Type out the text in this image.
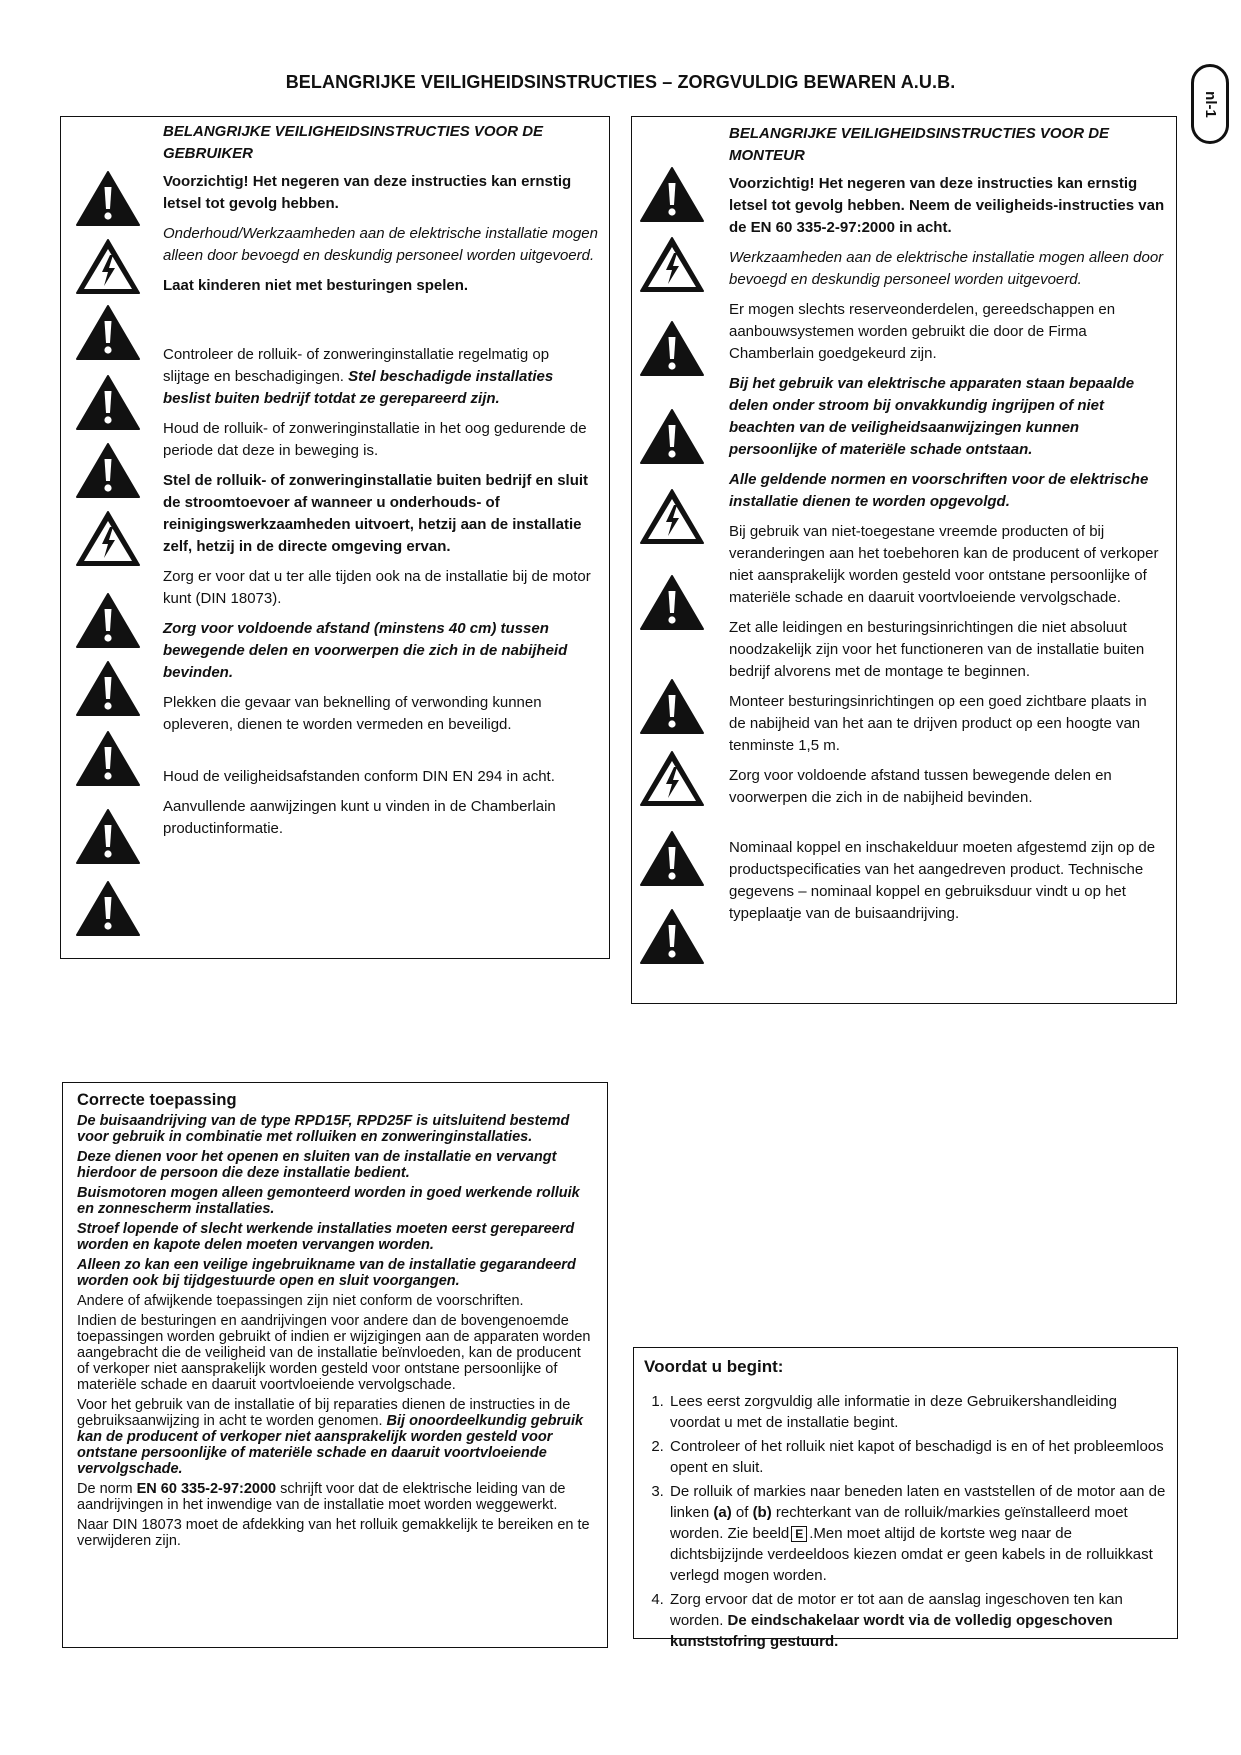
BELANGRIJKE VEILIGHEIDSINSTRUCTIES – ZORGVULDIG BEWAREN A.U.B.
nl-1

BELANGRIJKE VEILIGHEIDSINSTRUCTIES VOOR DE GEBRUIKER

Voorzichtig! Het negeren van deze instructies kan ernstig letsel tot gevolg hebben.

Onderhoud/Werkzaamheden aan de elektrische installatie mogen alleen door bevoegd en deskundig personeel worden uitgevoerd.

Laat kinderen niet met besturingen spelen.

Controleer de rolluik- of zonweringinstallatie regelmatig op slijtage en beschadigingen. Stel beschadigde installaties beslist buiten bedrijf totdat ze gerepareerd zijn.

Houd de rolluik- of zonweringinstallatie in het oog gedurende de periode dat deze in beweging is.

Stel de rolluik- of zonweringinstallatie buiten bedrijf en sluit de stroomtoevoer af wanneer u onderhouds- of reinigingswerkzaamheden uitvoert, hetzij aan de installatie zelf, hetzij in de directe omgeving ervan.

Zorg er voor dat u ter alle tijden ook na de installatie bij de motor kunt (DIN 18073).

Zorg voor voldoende afstand (minstens 40 cm) tussen bewegende delen en voorwerpen die zich in de nabijheid bevinden.

Plekken die gevaar van beknelling of verwonding kunnen opleveren, dienen te worden vermeden en beveiligd.

Houd de veiligheidsafstanden conform DIN EN 294 in acht.

Aanvullende aanwijzingen kunt u vinden in de Chamberlain productinformatie.

BELANGRIJKE VEILIGHEIDSINSTRUCTIES VOOR DE MONTEUR

Voorzichtig! Het negeren van deze instructies kan ernstig letsel tot gevolg hebben. Neem de veiligheids-instructies van de EN 60 335-2-97:2000 in acht.

Werkzaamheden aan de elektrische installatie mogen alleen door bevoegd en deskundig personeel worden uitgevoerd.

Er mogen slechts reserveonderdelen, gereedschappen en aanbouwsystemen worden gebruikt die door de Firma Chamberlain goedgekeurd zijn.

Bij het gebruik van elektrische apparaten staan bepaalde delen onder stroom bij onvakkundig ingrijpen of niet beachten van de veiligheidsaanwijzingen kunnen persoonlijke of materiële schade ontstaan.

Alle geldende normen en voorschriften voor de elektrische installatie dienen te worden opgevolgd.

Bij gebruik van niet-toegestane vreemde producten of bij veranderingen aan het toebehoren kan de producent of verkoper niet aansprakelijk worden gesteld voor ontstane persoonlijke of materiële schade en daaruit voortvloeiende vervolgschade.

Zet alle leidingen en besturingsinrichtingen die niet absoluut noodzakelijk zijn voor het functioneren van de installatie buiten bedrijf alvorens met de montage te beginnen.

Monteer besturingsinrichtingen op een goed zichtbare plaats in de nabijheid van het aan te drijven product op een hoogte van tenminste 1,5 m.

Zorg voor voldoende afstand tussen bewegende delen en voorwerpen die zich in de nabijheid bevinden.

Nominaal koppel en inschakelduur moeten afgestemd zijn op de productspecificaties van het aangedreven product. Technische gegevens – nominaal koppel en gebruiksduur vindt u op het typeplaatje van de buisaandrijving.

Correcte toepassing

De buisaandrijving van de type RPD15F, RPD25F is uitsluitend bestemd voor gebruik in combinatie met rolluiken en zonweringinstallaties.

Deze dienen voor het openen en sluiten van de installatie en vervangt hierdoor de persoon die deze installatie bedient.

Buismotoren mogen alleen gemonteerd worden in goed werkende rolluik en zonnescherm installaties.

Stroef lopende of slecht werkende installaties moeten eerst gerepareerd worden en kapote delen moeten vervangen worden.

Alleen zo kan een veilige ingebruikname van de installatie gegarandeerd worden ook bij tijdgestuurde open en sluit voorgangen.

Andere of afwijkende toepassingen zijn niet conform de voorschriften.

Indien de besturingen en aandrijvingen voor andere dan de bovengenoemde toepassingen worden gebruikt of indien er wijzigingen aan de apparaten worden aangebracht die de veiligheid van de installatie beïnvloeden, kan de producent of verkoper niet aansprakelijk worden gesteld voor ontstane persoonlijke of materiële schade en daaruit voortvloeiende vervolgschade.

Voor het gebruik van de installatie of bij reparaties dienen de instructies in de gebruiksaanwijzing in acht te worden genomen. Bij onoordeelkundig gebruik kan de producent of verkoper niet aansprakelijk worden gesteld voor ontstane persoonlijke of materiële schade en daaruit voortvloeiende vervolgschade.

De norm EN 60 335-2-97:2000 schrijft voor dat de elektrische leiding van de aandrijvingen in het inwendige van de installatie moet worden weggewerkt.

Naar DIN 18073 moet de afdekking van het rolluik gemakkelijk te bereiken en te verwijderen zijn.

Voordat u begint:
1. Lees eerst zorgvuldig alle informatie in deze Gebruikershandleiding voordat u met de installatie begint.
2. Controleer of het rolluik niet kapot of beschadigd is en of het probleemloos opent en sluit.
3. De rolluik of markies naar beneden laten en vaststellen of de motor aan de linken (a) of (b) rechterkant van de rolluik/markies geïnstalleerd moet worden. Zie beeld E .Men moet altijd de kortste weg naar de dichtsbijzijnde verdeeldoos kiezen omdat er geen kabels in de rolluikkast verlegd mogen worden.
4. Zorg ervoor dat de motor er tot aan de aanslag ingeschoven ten kan worden. De eindschakelaar wordt via de volledig opgeschoven kunststofring gestuurd.
